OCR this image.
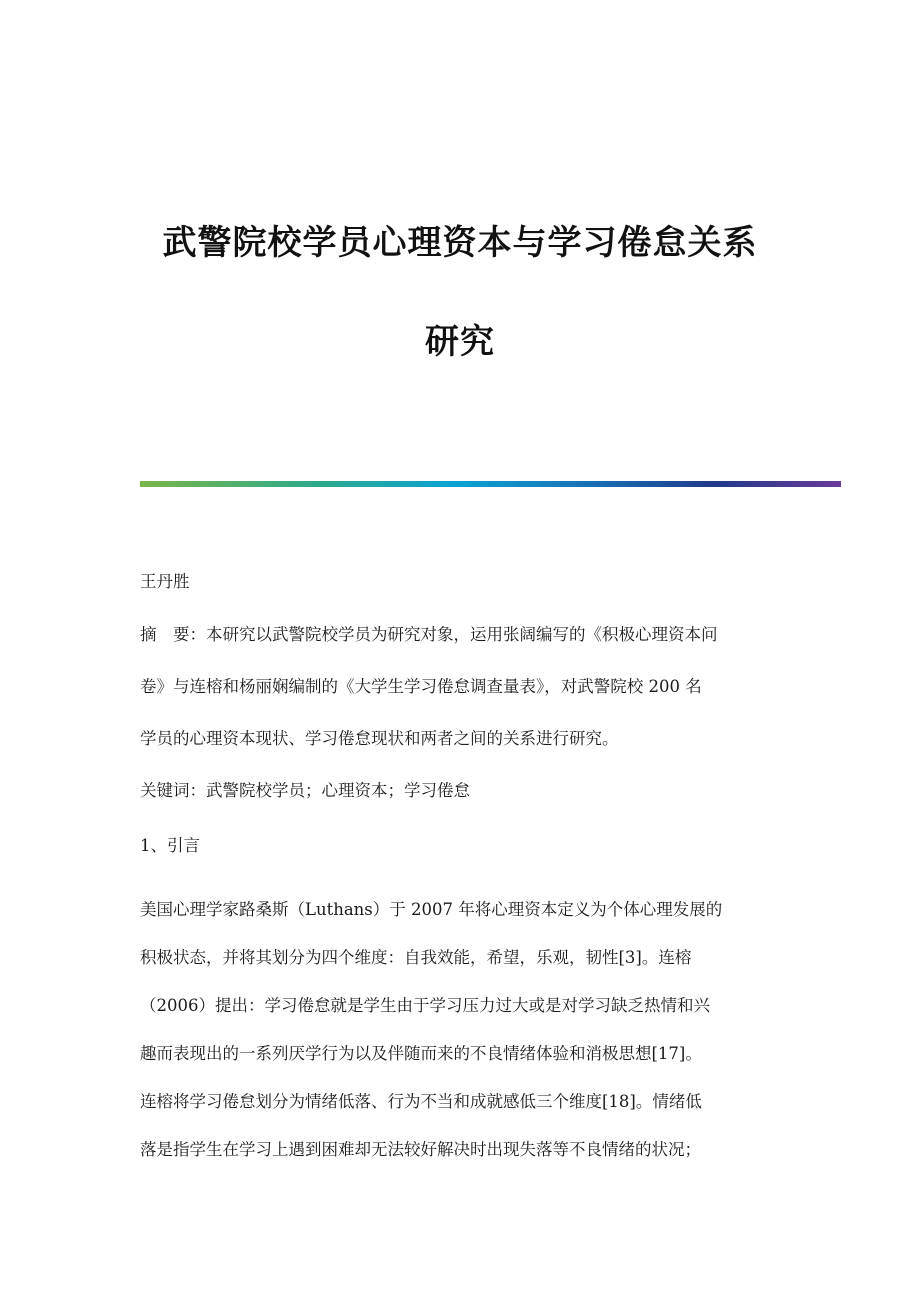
武警院校学员心理资本与学习倦怠关系
研究
王丹胜

摘　要：本研究以武警院校学员为研究对象，运用张阔编写的《积极心理资本问

卷》与连榕和杨丽娴编制的《大学生学习倦怠调查量表》，对武警院校 200 名

学员的心理资本现状、学习倦怠现状和两者之间的关系进行研究。

关键词：武警院校学员；心理资本；学习倦怠
1、引言

美国心理学家路桑斯（Luthans）于 2007 年将心理资本定义为个体心理发展的

积极状态，并将其划分为四个维度：自我效能，希望，乐观，韧性[3]。连榕

（2006）提出：学习倦怠就是学生由于学习压力过大或是对学习缺乏热情和兴

趣而表现出的一系列厌学行为以及伴随而来的不良情绪体验和消极思想[17]。

连榕将学习倦怠划分为情绪低落、行为不当和成就感低三个维度[18]。情绪低

落是指学生在学习上遇到困难却无法较好解决时出现失落等不良情绪的状况；
